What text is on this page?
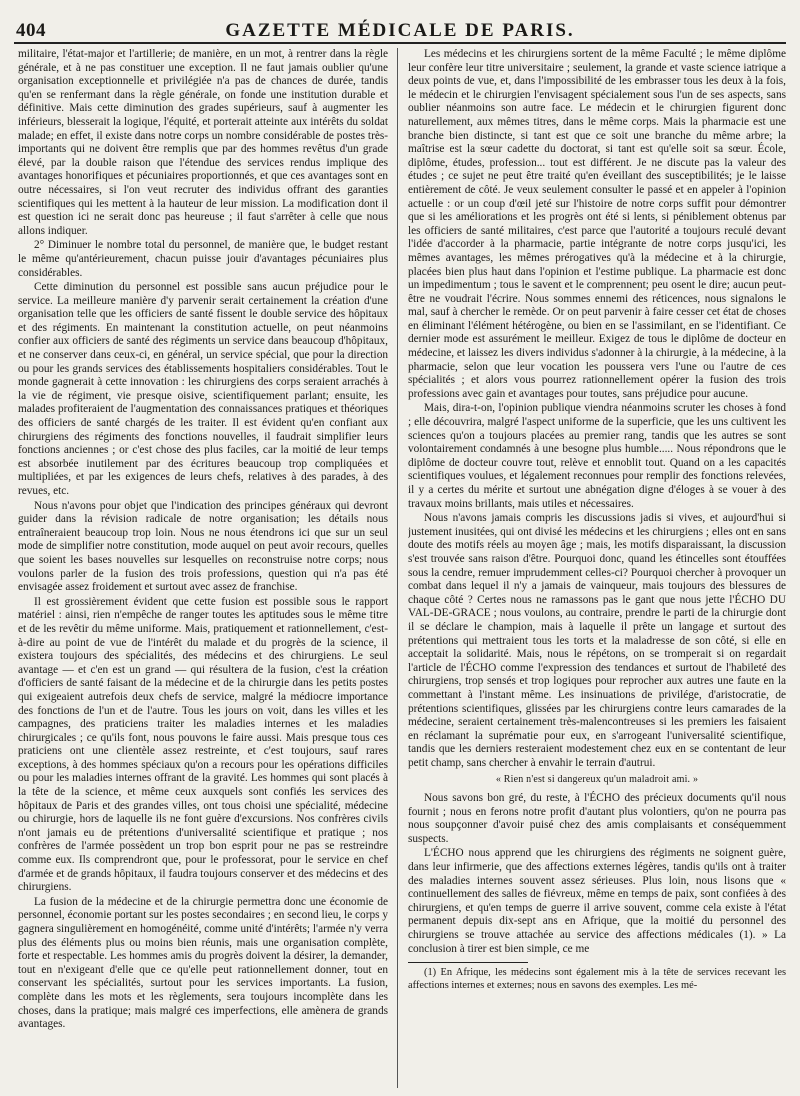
404	GAZETTE MÉDICALE DE PARIS.

militaire, l'état-major et l'artillerie; de manière, en un mot, à rentrer dans la règle générale, et à ne pas constituer une exception. Il ne faut jamais oublier qu'une organisation exceptionnelle et privilégiée n'a pas de chances de durée, tandis qu'en se renfermant dans la règle générale, on fonde une institution durable et définitive. Mais cette diminution des grades supérieurs, sauf à augmenter les inférieurs, blesserait la logique, l'équité, et porterait atteinte aux intérêts du soldat malade; en effet, il existe dans notre corps un nombre considérable de postes très-importants qui ne doivent être remplis que par des hommes revêtus d'un grade élevé, par la double raison que l'étendue des services rendus implique des avantages honorifiques et pécuniaires proportionnés, et que ces avantages sont en outre nécessaires, si l'on veut recruter des individus offrant des garanties scientifiques qui les mettent à la hauteur de leur mission. La modification dont il est question ici ne serait donc pas heureuse ; il faut s'arrêter à celle que nous allons indiquer.

2° Diminuer le nombre total du personnel, de manière que, le budget restant le même qu'antérieurement, chacun puisse jouir d'avantages pécuniaires plus considérables.

Cette diminution du personnel est possible sans aucun préjudice pour le service. La meilleure manière d'y parvenir serait certainement la création d'une organisation telle que les officiers de santé fissent le double service des hôpitaux et des régiments. En maintenant la constitution actuelle, on peut néanmoins confier aux officiers de santé des régiments un service dans beaucoup d'hôpitaux, et ne conserver dans ceux-ci, en général, un service spécial, que pour la direction ou pour les grands services des établissements hospitaliers considérables. Tout le monde gagnerait à cette innovation : les chirurgiens des corps seraient arrachés à la vie de régiment, vie presque oisive, scientifiquement parlant; ensuite, les malades profiteraient de l'augmentation des connaissances pratiques et théoriques des officiers de santé chargés de les traiter. Il est évident qu'en confiant aux chirurgiens des régiments des fonctions nouvelles, il faudrait simplifier leurs fonctions anciennes ; or c'est chose des plus faciles, car la moitié de leur temps est absorbée inutilement par des écritures beaucoup trop compliquées et multipliées, et par les exigences de leurs chefs, relatives à des parades, à des revues, etc.

Nous n'avons pour objet que l'indication des principes généraux qui devront guider dans la révision radicale de notre organisation; les détails nous entraîneraient beaucoup trop loin. Nous ne nous étendrons ici que sur un seul mode de simplifier notre constitution, mode auquel on peut avoir recours, quelles que soient les bases nouvelles sur lesquelles on reconstruise notre corps; nous voulons parler de la fusion des trois professions, question qui n'a pas été envisagée assez froidement et surtout avec assez de franchise.

Il est grossièrement évident que cette fusion est possible sous le rapport matériel : ainsi, rien n'empêche de ranger toutes les aptitudes sous le même titre et de les revêtir du même uniforme. Mais, pratiquement et rationnellement, c'est-à-dire au point de vue de l'intérêt du malade et du progrès de la science, il existera toujours des spécialités, des médecins et des chirurgiens. Le seul avantage — et c'en est un grand — qui résultera de la fusion, c'est la création d'officiers de santé faisant de la médecine et de la chirurgie dans les petits postes qui exigeaient autrefois deux chefs de service, malgré la médiocre importance des fonctions de l'un et de l'autre. Tous les jours on voit, dans les villes et les campagnes, des praticiens traiter les maladies internes et les maladies chirurgicales ; ce qu'ils font, nous pouvons le faire aussi. Mais presque tous ces praticiens ont une clientèle assez restreinte, et c'est toujours, sauf rares exceptions, à des hommes spéciaux qu'on a recours pour les opérations difficiles ou pour les maladies internes offrant de la gravité. Les hommes qui sont placés à la tête de la science, et même ceux auxquels sont confiés les services des hôpitaux de Paris et des grandes villes, ont tous choisi une spécialité, médecine ou chirurgie, hors de laquelle ils ne font guère d'excursions. Nos confrères civils n'ont jamais eu de prétentions d'universalité scientifique et pratique ; nos confrères de l'armée possèdent un trop bon esprit pour ne pas se restreindre comme eux. Ils comprendront que, pour le professorat, pour le service en chef d'armée et de grands hôpitaux, il faudra toujours conserver et des médecins et des chirurgiens.

La fusion de la médecine et de la chirurgie permettra donc une économie de personnel, économie portant sur les postes secondaires ; en second lieu, le corps y gagnera singulièrement en homogénéité, comme unité d'intérêts; l'armée n'y verra plus des éléments plus ou moins bien réunis, mais une organisation complète, forte et respectable. Les hommes amis du progrès doivent la désirer, la demander, tout en n'exigeant d'elle que ce qu'elle peut rationnellement donner, tout en conservant les spécialités, surtout pour les services importants. La fusion, complète dans les mots et les règlements, sera toujours incomplète dans les choses, dans la pratique; mais malgré ces imperfections, elle amènera de grands avantages.

Les médecins et les chirurgiens sortent de la même Faculté ; le même diplôme leur confère leur titre universitaire ; seulement, la grande et vaste science iatrique a deux points de vue, et, dans l'impossibilité de les embrasser tous les deux à la fois, le médecin et le chirurgien l'envisagent spécialement sous l'un de ses aspects, sans oublier néanmoins son autre face. Le médecin et le chirurgien figurent donc naturellement, aux mêmes titres, dans le même corps. Mais la pharmacie est une branche bien distincte, si tant est que ce soit une branche du même arbre; la maîtrise est la sœur cadette du doctorat, si tant est qu'elle soit sa sœur. École, diplôme, études, profession... tout est différent. Je ne discute pas la valeur des études ; ce sujet ne peut être traité qu'en éveillant des susceptibilités; je le laisse entièrement de côté. Je veux seulement consulter le passé et en appeler à l'opinion actuelle : or un coup d'œil jeté sur l'histoire de notre corps suffit pour démontrer que si les améliorations et les progrès ont été si lents, si péniblement obtenus par les officiers de santé militaires, c'est parce que l'autorité a toujours reculé devant l'idée d'accorder à la pharmacie, partie intégrante de notre corps jusqu'ici, les mêmes avantages, les mêmes prérogatives qu'à la médecine et à la chirurgie, placées bien plus haut dans l'opinion et l'estime publique. La pharmacie est donc un impedimentum ; tous le savent et le comprennent; peu osent le dire; aucun peut-être ne voudrait l'écrire. Nous sommes ennemi des réticences, nous signalons le mal, sauf à chercher le remède. Or on peut parvenir à faire cesser cet état de choses en éliminant l'élément hétérogène, ou bien en se l'assimilant, en se l'identifiant. Ce dernier mode est assurément le meilleur. Exigez de tous le diplôme de docteur en médecine, et laissez les divers individus s'adonner à la chirurgie, à la médecine, à la pharmacie, selon que leur vocation les poussera vers l'une ou l'autre de ces spécialités ; et alors vous pourrez rationnellement opérer la fusion des trois professions avec gain et avantages pour toutes, sans préjudice pour aucune.

Mais, dira-t-on, l'opinion publique viendra néanmoins scruter les choses à fond ; elle découvrira, malgré l'aspect uniforme de la superficie, que les uns cultivent les sciences qu'on a toujours placées au premier rang, tandis que les autres se sont volontairement condamnés à une besogne plus humble..... Nous répondrons que le diplôme de docteur couvre tout, relève et ennoblit tout. Quand on a les capacités scientifiques voulues, et légalement reconnues pour remplir des fonctions relevées, il y a certes du mérite et surtout une abnégation digne d'éloges à se vouer à des travaux moins brillants, mais utiles et nécessaires.

Nous n'avons jamais compris les discussions jadis si vives, et aujourd'hui si justement inusitées, qui ont divisé les médecins et les chirurgiens ; elles ont en sans doute des motifs réels au moyen âge ; mais, les motifs disparaissant, la discussion s'est trouvée sans raison d'être. Pourquoi donc, quand les étincelles sont étouffées sous la cendre, remuer imprudemment celles-ci? Pourquoi chercher à provoquer un combat dans lequel il n'y a jamais de vainqueur, mais toujours des blessures de chaque côté ? Certes nous ne ramassons pas le gant que nous jette l'ÉCHO DU VAL-DE-GRACE ; nous voulons, au contraire, prendre le parti de la chirurgie dont il se déclare le champion, mais à laquelle il prête un langage et surtout des prétentions qui mettraient tous les torts et la maladresse de son côté, si elle en acceptait la solidarité. Mais, nous le répétons, on se tromperait si on regardait l'article de l'ÉCHO comme l'expression des tendances et surtout de l'habileté des chirurgiens, trop sensés et trop logiques pour reprocher aux autres une faute en la commettant à l'instant même. Les insinuations de privilége, d'aristocratie, de prétentions scientifiques, glissées par les chirurgiens contre leurs camarades de la médecine, seraient certainement très-malencontreuses si les premiers les faisaient en réclamant la suprématie pour eux, en s'arrogeant l'universalité scientifique, tandis que les derniers resteraient modestement chez eux en se contentant de leur petit champ, sans chercher à envahir le terrain d'autrui.

« Rien n'est si dangereux qu'un maladroit ami. »

Nous savons bon gré, du reste, à l'ÉCHO des précieux documents qu'il nous fournit ; nous en ferons notre profit d'autant plus volontiers, qu'on ne pourra pas nous soupçonner d'avoir puisé chez des amis complaisants et conséquemment suspects.

L'ÉCHO nous apprend que les chirurgiens des régiments ne soignent guère, dans leur infirmerie, que des affections externes légères, tandis qu'ils ont à traiter des maladies internes souvent assez sérieuses. Plus loin, nous lisons que « continuellement des salles de fiévreux, même en temps de paix, sont confiées à des chirurgiens, et qu'en temps de guerre il arrive souvent, comme cela existe à l'état permanent depuis dix-sept ans en Afrique, que la moitié du personnel des chirurgiens se trouve attachée au service des affections médicales (1). » La conclusion à tirer est bien simple, ce me

(1) En Afrique, les médecins sont également mis à la tête de services recevant les affections internes et externes; nous en savons des exemples. Les mé-
